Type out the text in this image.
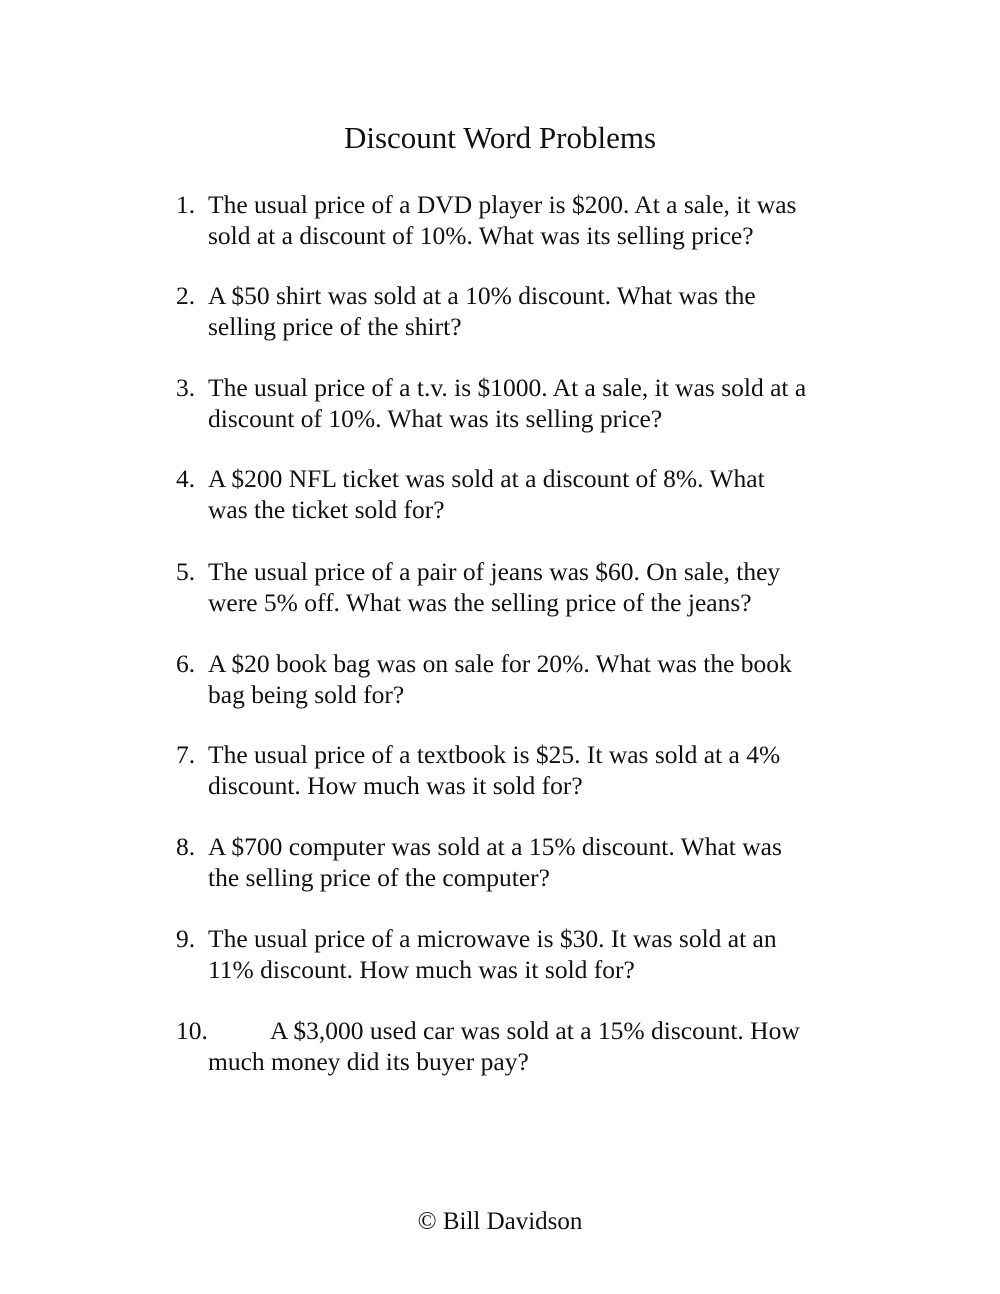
Discount Word Problems
1. The usual price of a DVD player is $200. At a sale, it was
sold at a discount of 10%. What was its selling price?
2. A $50 shirt was sold at a 10% discount. What was the
selling price of the shirt?
3. The usual price of a t.v. is $1000. At a sale, it was sold at a
discount of 10%. What was its selling price?
4. A $200 NFL ticket was sold at a discount of 8%. What
was the ticket sold for?
5. The usual price of a pair of jeans was $60. On sale, they
were 5% off. What was the selling price of the jeans?
6. A $20 book bag was on sale for 20%. What was the book
bag being sold for?
7. The usual price of a textbook is $25. It was sold at a 4%
discount. How much was it sold for?
8. A $700 computer was sold at a 15% discount. What was
the selling price of the computer?
9. The usual price of a microwave is $30. It was sold at an
11% discount. How much was it sold for?
10.	A $3,000 used car was sold at a 15% discount. How
much money did its buyer pay?
© Bill Davidson
